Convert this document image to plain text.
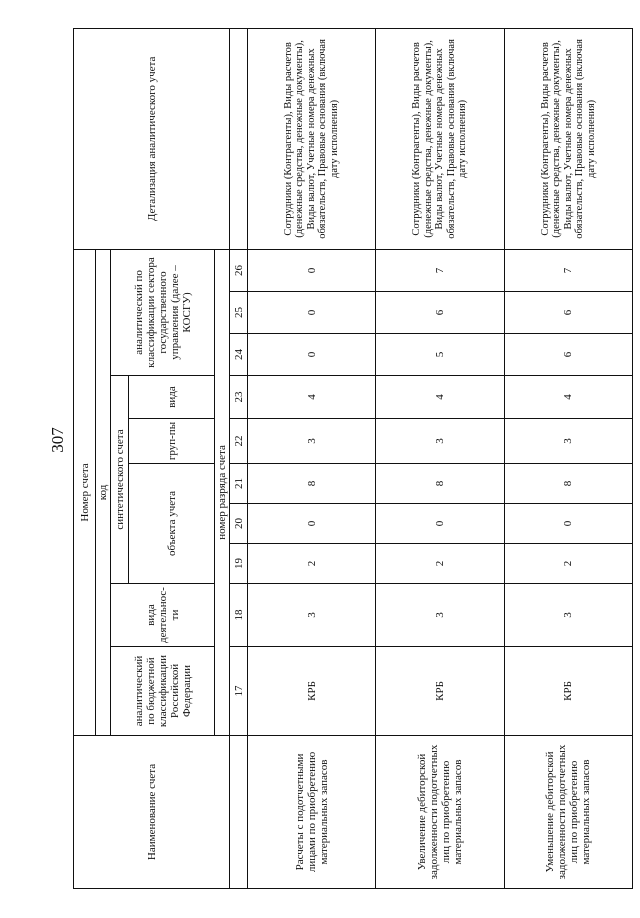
307
Наименование счета	Номер счета										Детализация аналитического учета
	код										
	аналитический по бюджетной классификации Российской Федерации	вида деятельнос-ти	синтетического счета					аналитический по классификации сектора государственного управления (далее – КОСГУ)			
			объекта учета			груп-пы	вида				
	номер разряда счета										
	17	18	19	20	21	22	23	24	25	26	
Расчеты с подотчетными лицами по приобретению материальных запасов	КРБ	3	2	0	8	3	4	0	0	0	Сотрудники (Контрагенты), Виды расчетов (денежные средства, денежные документы), Виды валют, Учетные номера денежных обязательств, Правовые основания (включая дату исполнения)
Увеличение дебиторской задолженности подотчетных лиц по приобретению материальных запасов	КРБ	3	2	0	8	3	4	5	6	7	Сотрудники (Контрагенты), Виды расчетов (денежные средства, денежные документы), Виды валют, Учетные номера денежных обязательств, Правовые основания (включая дату исполнения)
Уменьшение дебиторской задолженности подотчетных лиц по приобретению материальных запасов	КРБ	3	2	0	8	3	4	6	6	7	Сотрудники (Контрагенты), Виды расчетов (денежные средства, денежные документы), Виды валют, Учетные номера денежных обязательств, Правовые основания (включая дату исполнения)
